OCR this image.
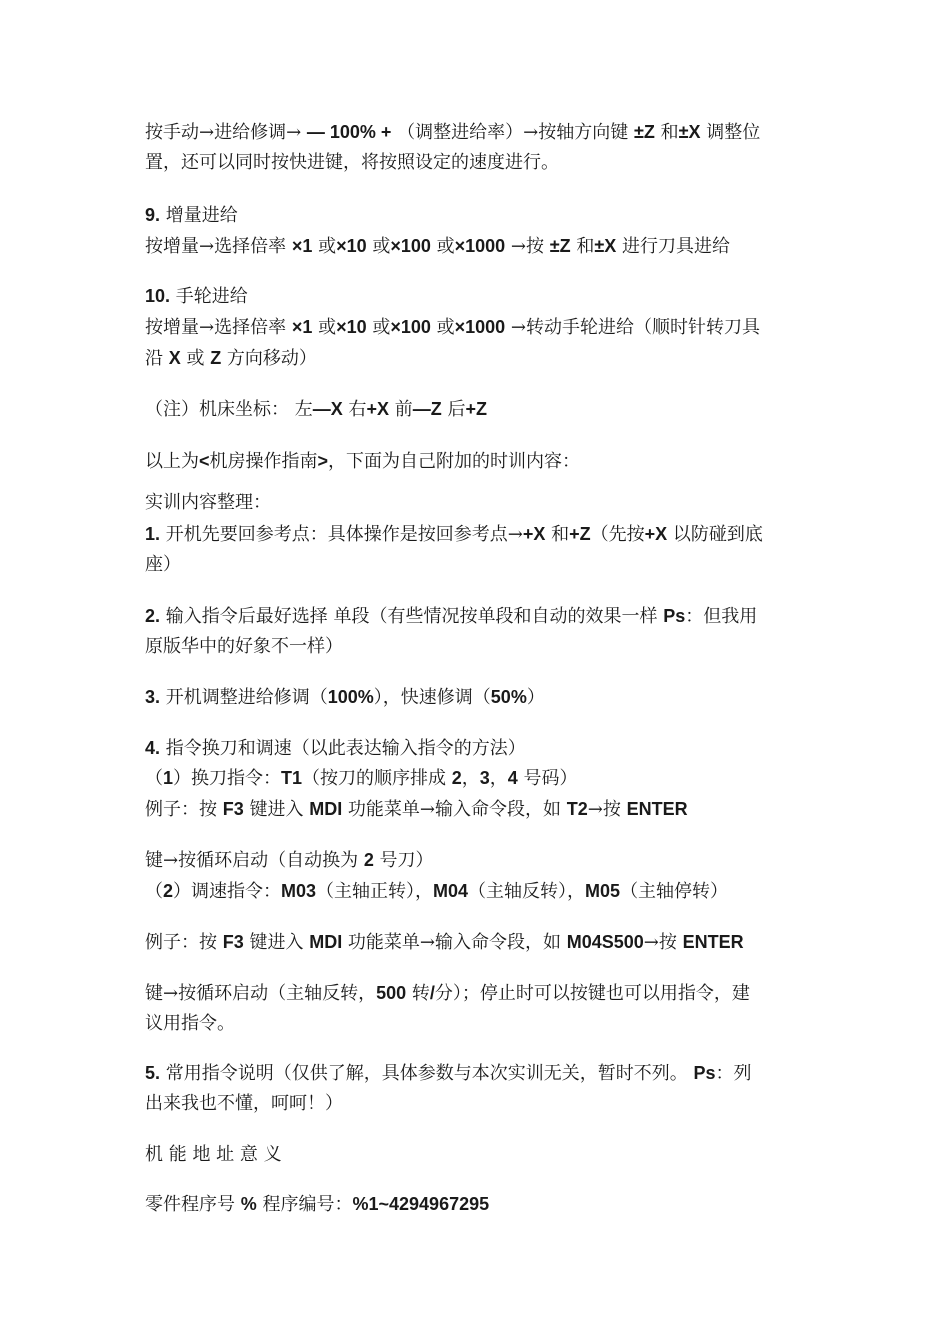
按手动→进给修调→ — 100% + （调整进给率）→按轴方向键 ±Z 和±X 调整位
置，还可以同时按快进键，将按照设定的速度进行。
9. 增量进给
按增量→选择倍率 ×1 或×10 或×100 或×1000 →按 ±Z 和±X 进行刀具进给
10. 手轮进给
按增量→选择倍率 ×1 或×10 或×100 或×1000 →转动手轮进给（顺时针转刀具
沿 X 或 Z 方向移动）
（注）机床坐标： 左—X 右+X 前—Z 后+Z
以上为<机房操作指南>，下面为自己附加的时训内容：
实训内容整理：
1. 开机先要回参考点：具体操作是按回参考点→+X 和+Z（先按+X 以防碰到底
座）
2. 输入指令后最好选择 单段（有些情况按单段和自动的效果一样 Ps：但我用
原版华中的好象不一样）
3. 开机调整进给修调（100%），快速修调（50%）
4. 指令换刀和调速（以此表达输入指令的方法）
（1）换刀指令：T1（按刀的顺序排成 2，3，4 号码）
例子：按 F3 键进入 MDI 功能菜单→输入命令段，如 T2→按 ENTER
键→按循环启动（自动换为 2 号刀）
（2）调速指令：M03（主轴正转），M04（主轴反转），M05（主轴停转）
例子：按 F3 键进入 MDI 功能菜单→输入命令段，如 M04S500→按 ENTER
键→按循环启动（主轴反转，500 转/分）；停止时可以按键也可以用指令，建
议用指令。
5. 常用指令说明（仅供了解，具体参数与本次实训无关，暂时不列。 Ps：列
出来我也不懂，呵呵！）
机 能 地 址 意 义
零件程序号 % 程序编号：%1~4294967295
